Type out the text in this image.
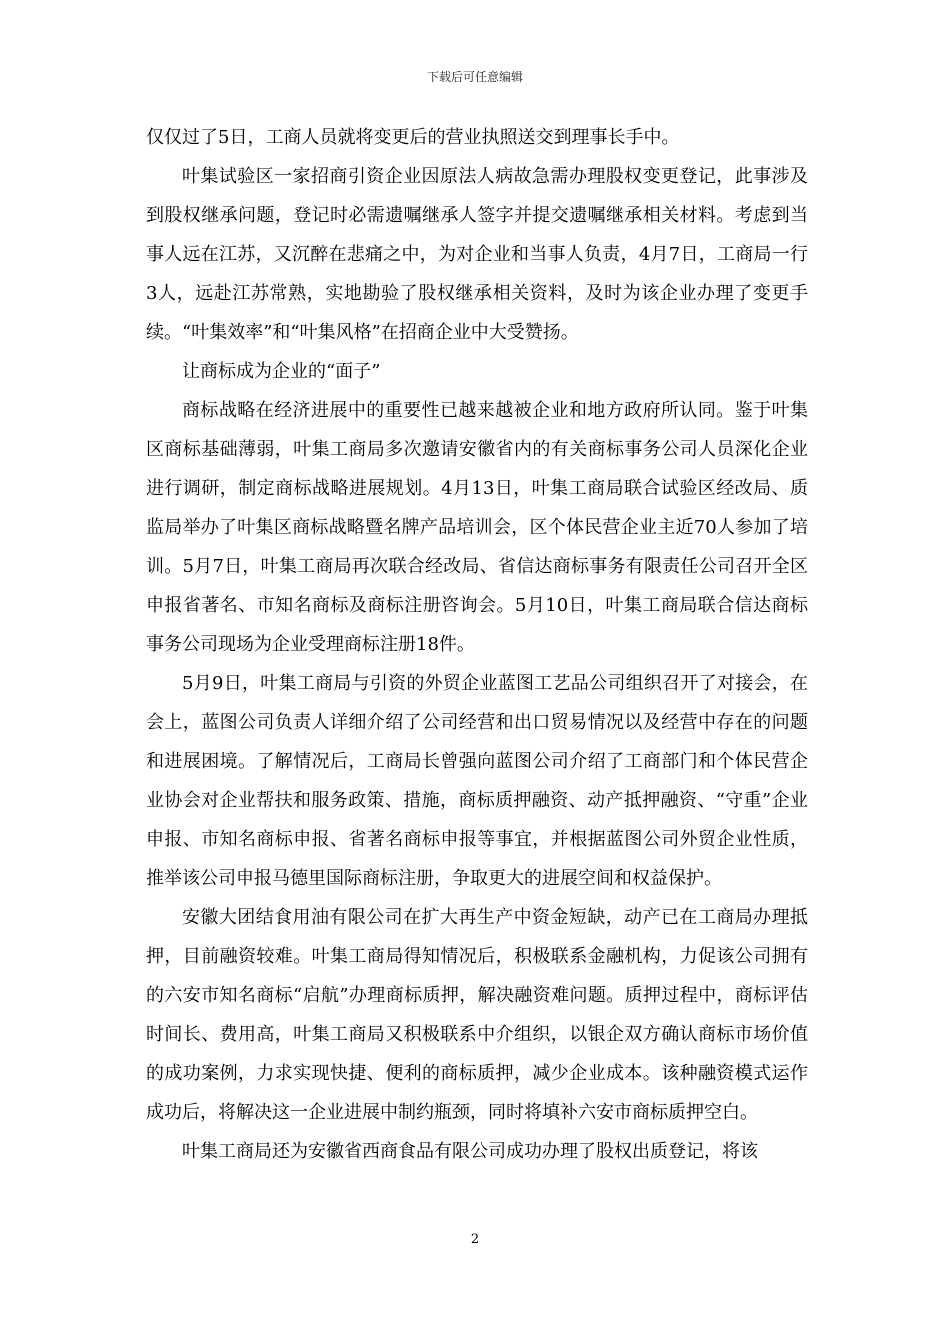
下载后可任意编辑

仅仅过了5日，工商人员就将变更后的营业执照送交到理事长手中。

叶集试验区一家招商引资企业因原法人病故急需办理股权变更登记，此事涉及到股权继承问题，登记时必需遗嘱继承人签字并提交遗嘱继承相关材料。考虑到当事人远在江苏，又沉醉在悲痛之中，为对企业和当事人负责，4月7日，工商局一行3人，远赴江苏常熟，实地勘验了股权继承相关资料，及时为该企业办理了变更手续。“叶集效率”和“叶集风格”在招商企业中大受赞扬。

让商标成为企业的“面子”

商标战略在经济进展中的重要性已越来越被企业和地方政府所认同。鉴于叶集区商标基础薄弱，叶集工商局多次邀请安徽省内的有关商标事务公司人员深化企业进行调研，制定商标战略进展规划。4月13日，叶集工商局联合试验区经改局、质监局举办了叶集区商标战略暨名牌产品培训会，区个体民营企业主近70人参加了培训。5月7日，叶集工商局再次联合经改局、省信达商标事务有限责任公司召开全区申报省著名、市知名商标及商标注册咨询会。5月10日，叶集工商局联合信达商标事务公司现场为企业受理商标注册18件。

5月9日，叶集工商局与引资的外贸企业蓝图工艺品公司组织召开了对接会，在会上，蓝图公司负责人详细介绍了公司经营和出口贸易情况以及经营中存在的问题和进展困境。了解情况后，工商局长曾强向蓝图公司介绍了工商部门和个体民营企业协会对企业帮扶和服务政策、措施，商标质押融资、动产抵押融资、“守重”企业申报、市知名商标申报、省著名商标申报等事宜，并根据蓝图公司外贸企业性质，推举该公司申报马德里国际商标注册，争取更大的进展空间和权益保护。

安徽大团结食用油有限公司在扩大再生产中资金短缺，动产已在工商局办理抵押，目前融资较难。叶集工商局得知情况后，积极联系金融机构，力促该公司拥有的六安市知名商标“启航”办理商标质押，解决融资难问题。质押过程中，商标评估时间长、费用高，叶集工商局又积极联系中介组织，以银企双方确认商标市场价值的成功案例，力求实现快捷、便利的商标质押，减少企业成本。该种融资模式运作成功后，将解决这一企业进展中制约瓶颈，同时将填补六安市商标质押空白。

叶集工商局还为安徽省西商食品有限公司成功办理了股权出质登记，将该

2
